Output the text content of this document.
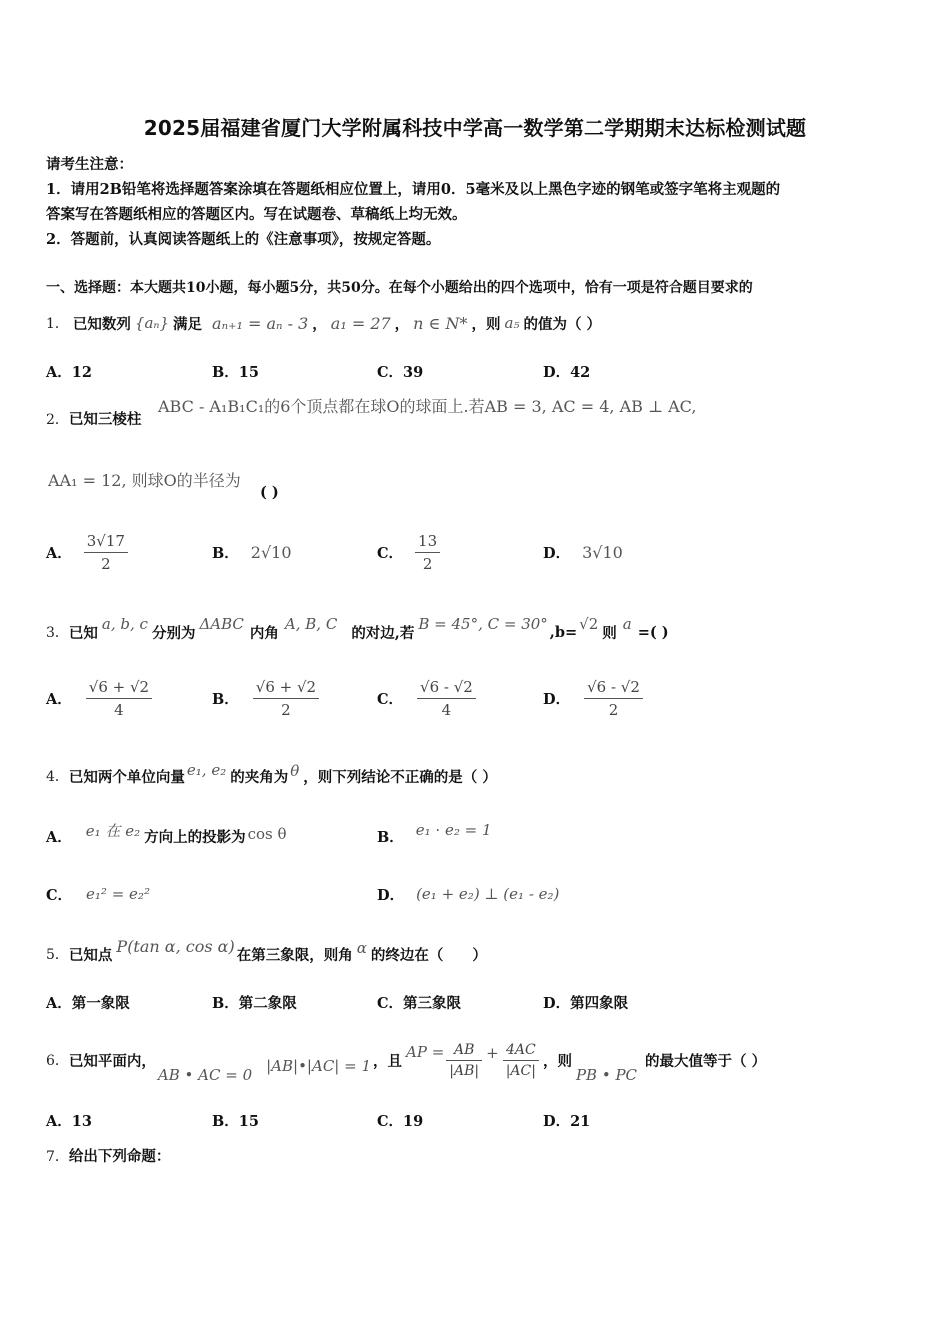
2025届福建省厦门大学附属科技中学高一数学第二学期期末达标检测试题
请考生注意：
1．请用2B铅笔将选择题答案涂填在答题纸相应位置上，请用0．5毫米及以上黑色字迹的钢笔或签字笔将主观题的
答案写在答题纸相应的答题区内。写在试题卷、草稿纸上均无效。
2．答题前，认真阅读答题纸上的《注意事项》，按规定答题。
一、选择题：本大题共10小题，每小题5分，共50分。在每个小题给出的四个选项中，恰有一项是符合题目要求的
1． 已知数列 {aₙ} 满足 aₙ₊₁ = aₙ - 3 ， a₁ = 27 ， n ∈ N* ，则 a₅ 的值为（ ）
A．12	B．15	C．39	D．42
2．已知三棱柱
ABC - A₁B₁C₁的6个顶点都在球O的球面上.若AB = 3, AC = 4, AB ⊥ AC,
AA₁ = 12, 则球O的半径为
( )
A． $\frac{3√17}{2}$	B． 2√10	C． $\frac{13}{2}$	D． 3√10
3． 已知 a, b, c 分别为 ΔABC 内角 A, B, C 的对边,若 B = 45°, C = 30° ,b= √2 则 a =( )
A． $\frac{√6 + √2}{4}$	B． $\frac{√6 + √2}{2}$	C． $\frac{√6 - √2}{4}$	D． $\frac{√6 - √2}{2}$
4． 已知两个单位向量 e₁, e₂ 的夹角为 θ ，则下列结论不正确的是（ ）
A． e₁ 在 e₂ 方向上的投影为 cos θ	B． e₁ · e₂ = 1
C． e₁² = e₂²	D． (e₁ + e₂) ⊥ (e₁ - e₂)
5． 已知点 P(tan α, cos α) 在第三象限，则角 α 的终边在（　　）
A．第一象限	B．第二象限	C．第三象限	D．第四象限
6． 已知平面内，
AB • AC = 0 |AB|•|AC| = 1 ，且 AP = $\frac{AB}{|AB|} + \frac{4AC}{|AC|}$ ，则
PB • PC
的最大值等于（ ）
A．13	B．15	C．19	D．21
7．给出下列命题：
